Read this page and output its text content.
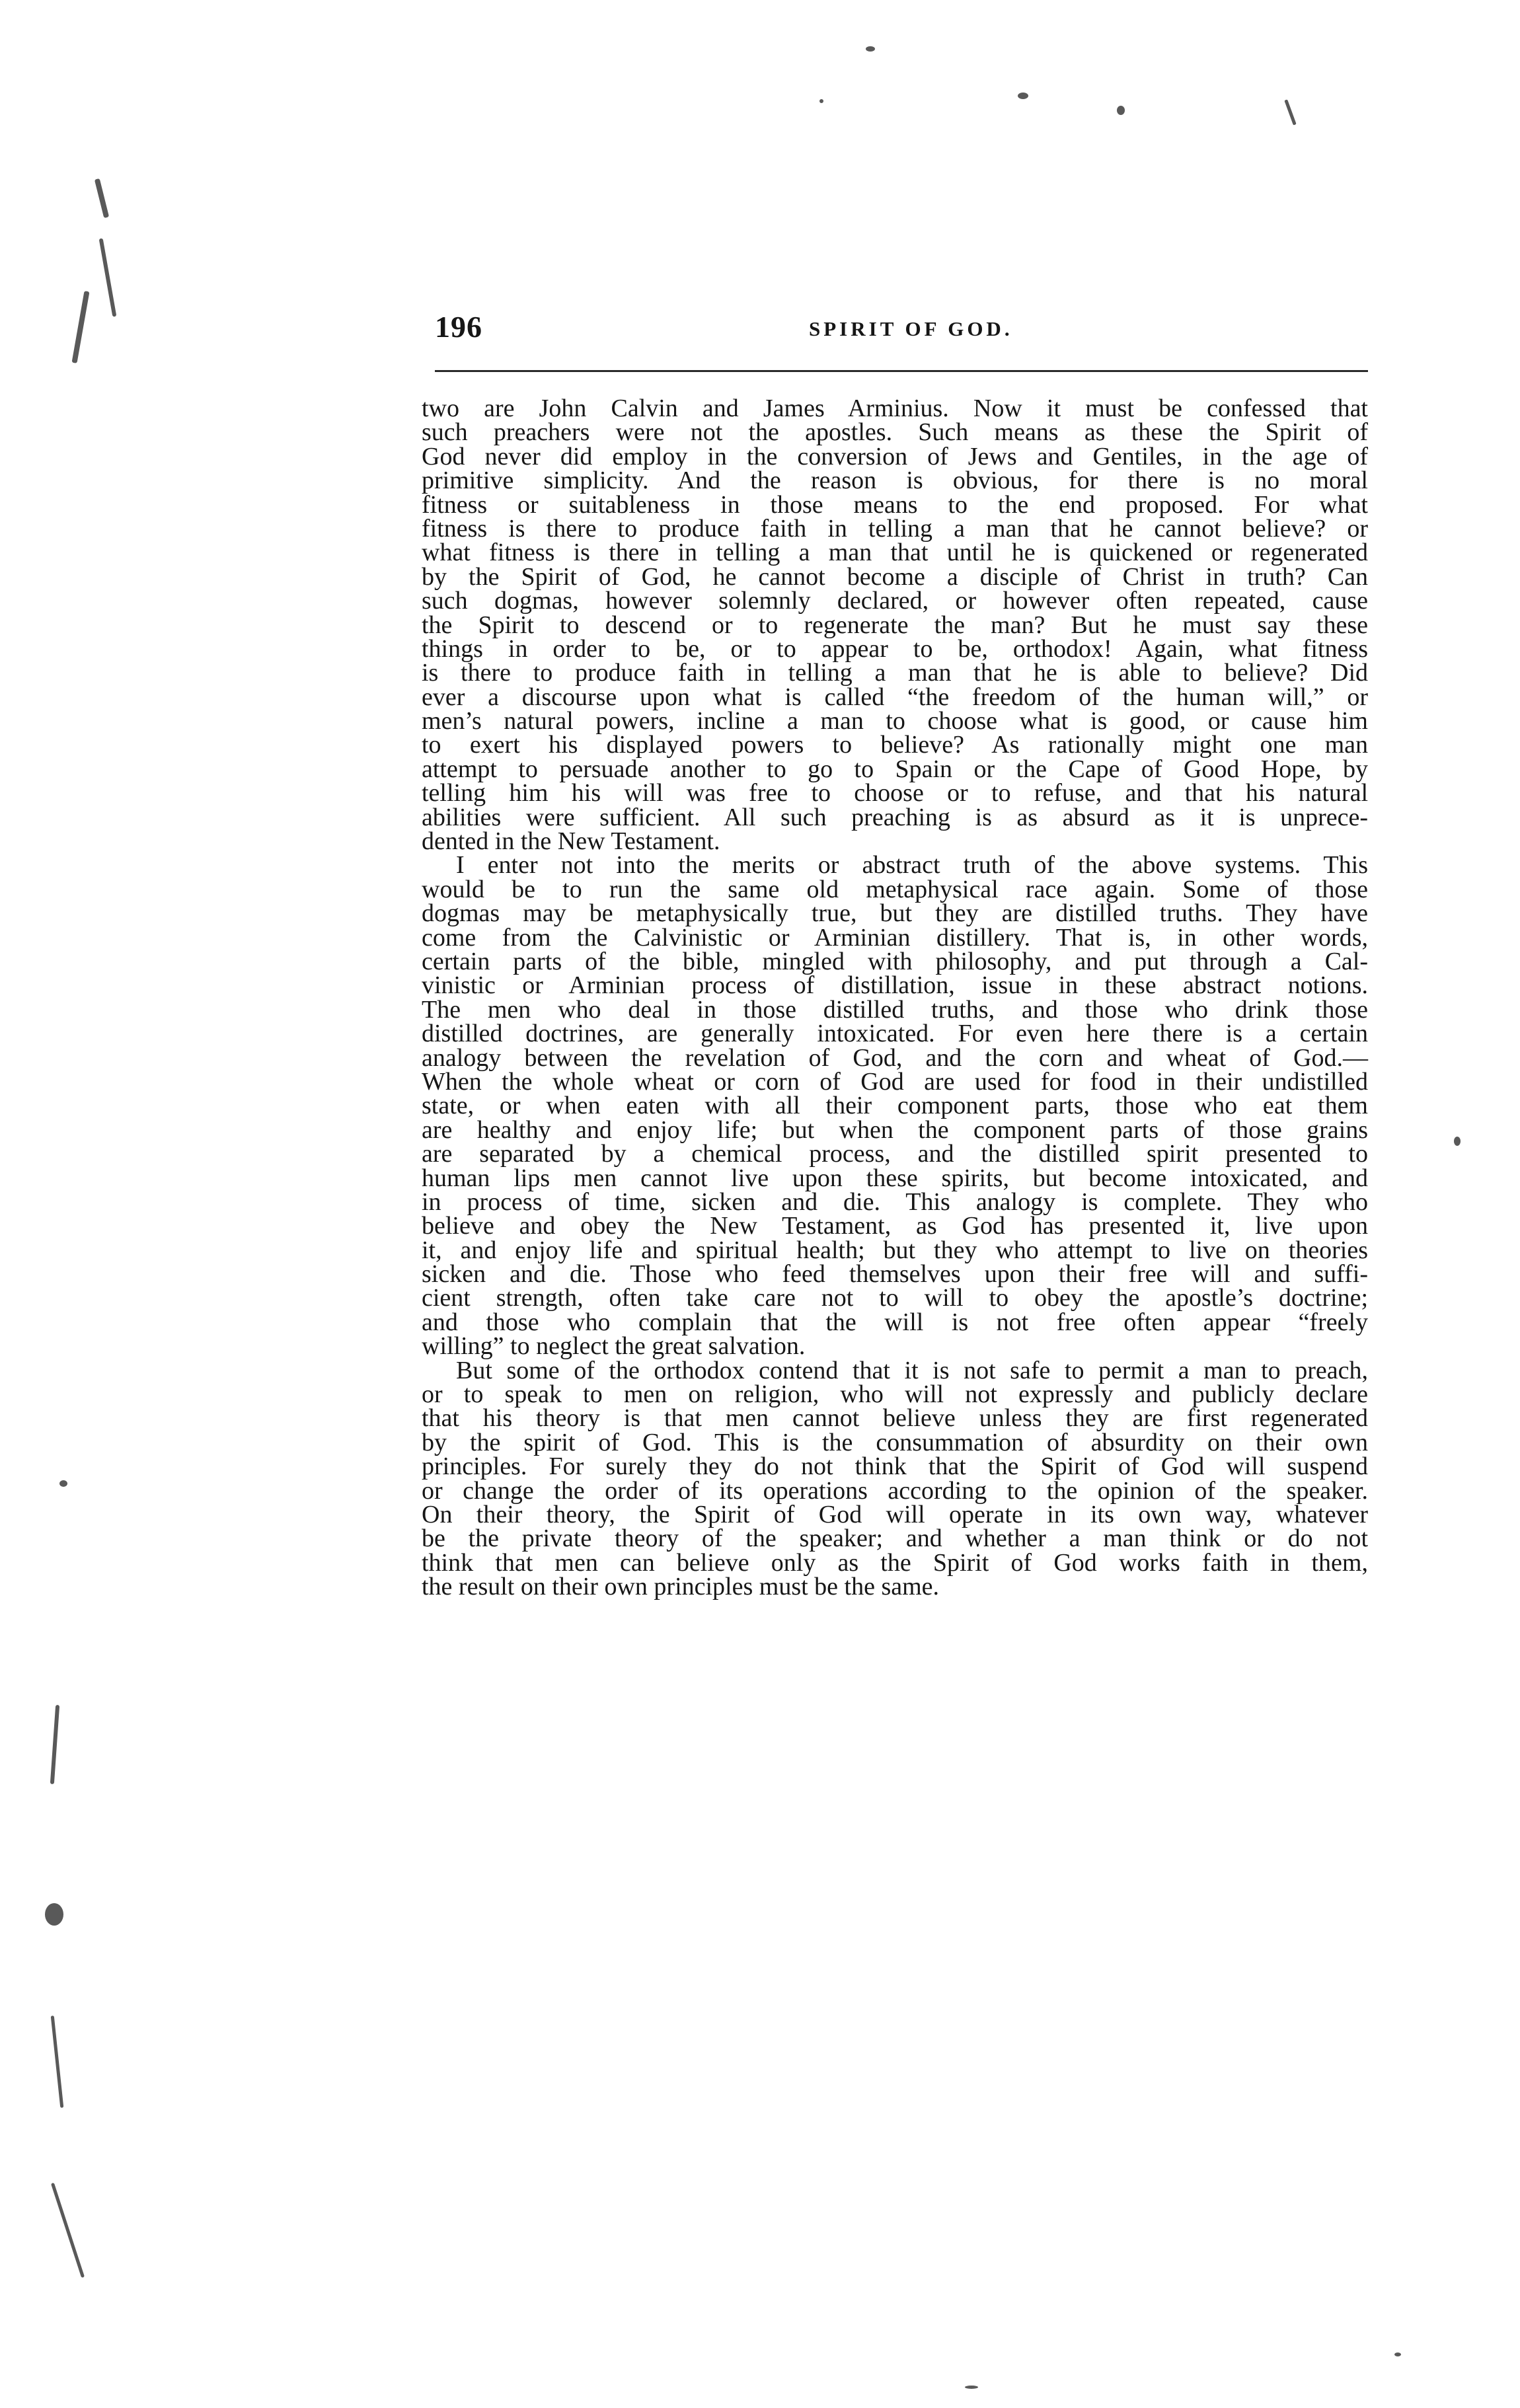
196	SPIRIT OF GOD.
two are John Calvin and James Arminius. Now it must be confessed that
such preachers were not the apostles. Such means as these the Spirit of
God never did employ in the conversion of Jews and Gentiles, in the age of
primitive simplicity. And the reason is obvious, for there is no moral
fitness or suitableness in those means to the end proposed. For what
fitness is there to produce faith in telling a man that he cannot believe? or
what fitness is there in telling a man that until he is quickened or regenerated
by the Spirit of God, he cannot become a disciple of Christ in truth? Can
such dogmas, however solemnly declared, or however often repeated, cause
the Spirit to descend or to regenerate the man? But he must say these
things in order to be, or to appear to be, orthodox! Again, what fitness
is there to produce faith in telling a man that he is able to believe? Did
ever a discourse upon what is called “the freedom of the human will,” or
men’s natural powers, incline a man to choose what is good, or cause him
to exert his displayed powers to believe? As rationally might one man
attempt to persuade another to go to Spain or the Cape of Good Hope, by
telling him his will was free to choose or to refuse, and that his natural
abilities were sufficient. All such preaching is as absurd as it is unprece-
dented in the New Testament.
I enter not into the merits or abstract truth of the above systems. This
would be to run the same old metaphysical race again. Some of those
dogmas may be metaphysically true, but they are distilled truths. They have
come from the Calvinistic or Arminian distillery. That is, in other words,
certain parts of the bible, mingled with philosophy, and put through a Cal-
vinistic or Arminian process of distillation, issue in these abstract notions.
The men who deal in those distilled truths, and those who drink those
distilled doctrines, are generally intoxicated. For even here there is a certain
analogy between the revelation of God, and the corn and wheat of God.—
When the whole wheat or corn of God are used for food in their undistilled
state, or when eaten with all their component parts, those who eat them
are healthy and enjoy life; but when the component parts of those grains
are separated by a chemical process, and the distilled spirit presented to
human lips men cannot live upon these spirits, but become intoxicated, and
in process of time, sicken and die. This analogy is complete. They who
believe and obey the New Testament, as God has presented it, live upon
it, and enjoy life and spiritual health; but they who attempt to live on theories
sicken and die. Those who feed themselves upon their free will and suffi-
cient strength, often take care not to will to obey the apostle’s doctrine;
and those who complain that the will is not free often appear “freely
willing” to neglect the great salvation.
But some of the orthodox contend that it is not safe to permit a man to preach,
or to speak to men on religion, who will not expressly and publicly declare
that his theory is that men cannot believe unless they are first regenerated
by the spirit of God. This is the consummation of absurdity on their own
principles. For surely they do not think that the Spirit of God will suspend
or change the order of its operations according to the opinion of the speaker.
On their theory, the Spirit of God will operate in its own way, whatever
be the private theory of the speaker; and whether a man think or do not
think that men can believe only as the Spirit of God works faith in them,
the result on their own principles must be the same.
